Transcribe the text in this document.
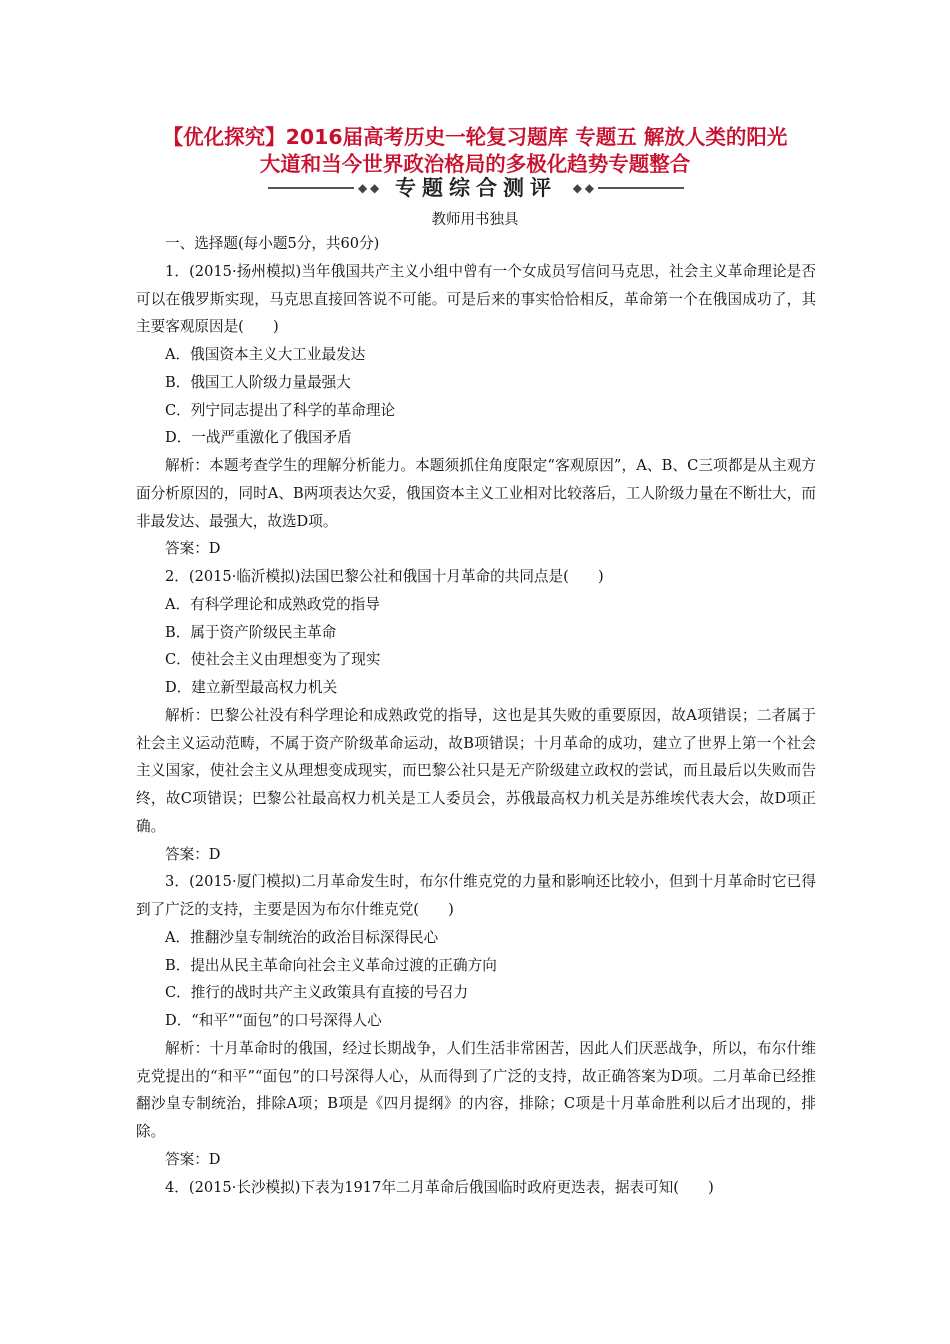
【优化探究】2016届高考历史一轮复习题库 专题五 解放人类的阳光
大道和当今世界政治格局的多极化趋势专题整合
◆ ◆ 专题综合测评	◆ ◆
教师用书独具

一、选择题(每小题5分，共60分)

1．(2015·扬州模拟)当年俄国共产主义小组中曾有一个女成员写信问马克思，社会主义革命理论是否可以在俄罗斯实现，马克思直接回答说不可能。可是后来的事实恰恰相反，革命第一个在俄国成功了，其主要客观原因是(　　)

A．俄国资本主义大工业最发达

B．俄国工人阶级力量最强大

C．列宁同志提出了科学的革命理论

D．一战严重激化了俄国矛盾

解析：本题考查学生的理解分析能力。本题须抓住角度限定“客观原因”，A、B、C三项都是从主观方面分析原因的，同时A、B两项表达欠妥，俄国资本主义工业相对比较落后，工人阶级力量在不断壮大，而非最发达、最强大，故选D项。

答案：D

2．(2015·临沂模拟)法国巴黎公社和俄国十月革命的共同点是(　　)

A．有科学理论和成熟政党的指导

B．属于资产阶级民主革命

C．使社会主义由理想变为了现实

D．建立新型最高权力机关

解析：巴黎公社没有科学理论和成熟政党的指导，这也是其失败的重要原因，故A项错误；二者属于社会主义运动范畴，不属于资产阶级革命运动，故B项错误；十月革命的成功，建立了世界上第一个社会主义国家，使社会主义从理想变成现实，而巴黎公社只是无产阶级建立政权的尝试，而且最后以失败而告终，故C项错误；巴黎公社最高权力机关是工人委员会，苏俄最高权力机关是苏维埃代表大会，故D项正确。

答案：D

3．(2015·厦门模拟)二月革命发生时，布尔什维克党的力量和影响还比较小，但到十月革命时它已得到了广泛的支持，主要是因为布尔什维克党(　　)

A．推翻沙皇专制统治的政治目标深得民心

B．提出从民主革命向社会主义革命过渡的正确方向

C．推行的战时共产主义政策具有直接的号召力

D．“和平”“面包”的口号深得人心

解析：十月革命时的俄国，经过长期战争，人们生活非常困苦，因此人们厌恶战争，所以，布尔什维克党提出的“和平”“面包”的口号深得人心，从而得到了广泛的支持，故正确答案为D项。二月革命已经推翻沙皇专制统治，排除A项；B项是《四月提纲》的内容，排除；C项是十月革命胜利以后才出现的，排除。

答案：D

4．(2015·长沙模拟)下表为1917年二月革命后俄国临时政府更迭表，据表可知(　　)
